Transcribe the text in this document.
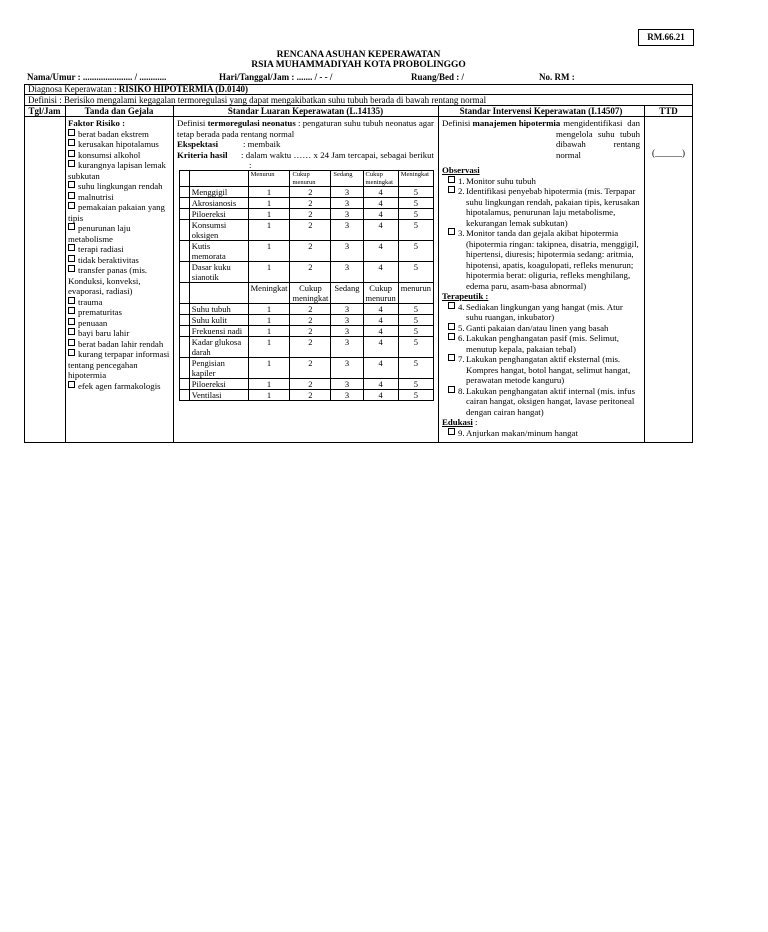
RM.66.21
RENCANA ASUHAN KEPERAWATAN
RSIA MUHAMMADIYAH KOTA PROBOLINGGO
Nama/Umur : ...................... / ............	Hari/Tanggal/Jam : ....... / - - /	Ruang/Bed : /	No. RM :
Diagnosa Keperawatan : RISIKO HIPOTERMIA (D.0140)
Definisi : Berisiko mengalami kegagalan termoregulasi yang dapat mengakibatkan suhu tubuh berada di bawah rentang normal
Tgl/Jam	Tanda dan Gejala	Standar Luaran Keperawatan (L.14135)	Standar Intervensi Keperawatan (I.14507)	TTD
Faktor Risiko :
berat badan ekstrem
kerusakan hipotalamus
konsumsi alkohol
kurangnya lapisan lemak subkutan
suhu lingkungan rendah
malnutrisi
pemakaian pakaian yang tipis
penurunan laju metabolisme
terapi radiasi
tidak beraktivitas
transfer panas (mis. Konduksi, konveksi, evaporasi, radiasi)
trauma
prematuritas
penuaan
bayi baru lahir
berat badan lahir rendah
kurang terpapar informasi tentang pencegahan hipotermia
efek agen farmakologis
Definisi termoregulasi neonatus : pengaturan suhu tubuh neonatus agar tetap berada pada rentang normal
Ekspektasi	: membaik
Kriteria hasil : dalam waktu …… x 24 Jam tercapai, sebagai berikut :
		Menurun	Cukup menurun	Sedang	Cukup meningkat	Meningkat
	Menggigil	1	2	3	4	5
	Akrosianosis	1	2	3	4	5
	Piloereksi	1	2	3	4	5
	Konsumsi oksigen	1	2	3	4	5
	Kutis memorata	1	2	3	4	5
	Dasar kuku sianotik	1	2	3	4	5
		Meningkat	Cukup meningkat	Sedang	Cukup menurun	menurun
	Suhu tubuh	1	2	3	4	5
	Suhu kulit	1	2	3	4	5
	Frekuensi nadi	1	2	3	4	5
	Kadar glukosa darah	1	2	3	4	5
	Pengisian kapiler	1	2	3	4	5
	Piloereksi	1	2	3	4	5
	Ventilasi	1	2	3	4	5
Definisi manajemen hipotermia
: mengidentifikasi dan mengelola suhu tubuh dibawah rentang normal
Observasi
1. Monitor suhu tubuh
2. Identifikasi penyebab hipotermia (mis. Terpapar suhu lingkungan rendah, pakaian tipis, kerusakan hipotalamus, penurunan laju metabolisme, kekurangan lemak subkutan)
3. Monitor tanda dan gejala akibat hipotermia (hipotermia ringan: takipnea, disatria, menggigil, hipertensi, diuresis; hipotermia sedang: aritmia, hipotensi, apatis, koagulopati, refleks menurun; hipotermia berat: oliguria, refleks menghilang, edema paru, asam-basa abnormal)
Terapeutik :
4. Sediakan lingkungan yang hangat (mis. Atur suhu ruangan, inkubator)
5. Ganti pakaian dan/atau linen yang basah
6. Lakukan penghangatan pasif (mis. Selimut, menutup kepala, pakaian tebal)
7. Lakukan penghangatan aktif eksternal (mis. Kompres hangat, botol hangat, selimut hangat, perawatan metode kanguru)
8. Lakukan penghangatan aktif internal (mis. infus cairan hangat, oksigen hangat, lavase peritoneal dengan cairan hangat)
Edukasi :
9. Anjurkan makan/minum hangat
(______)
